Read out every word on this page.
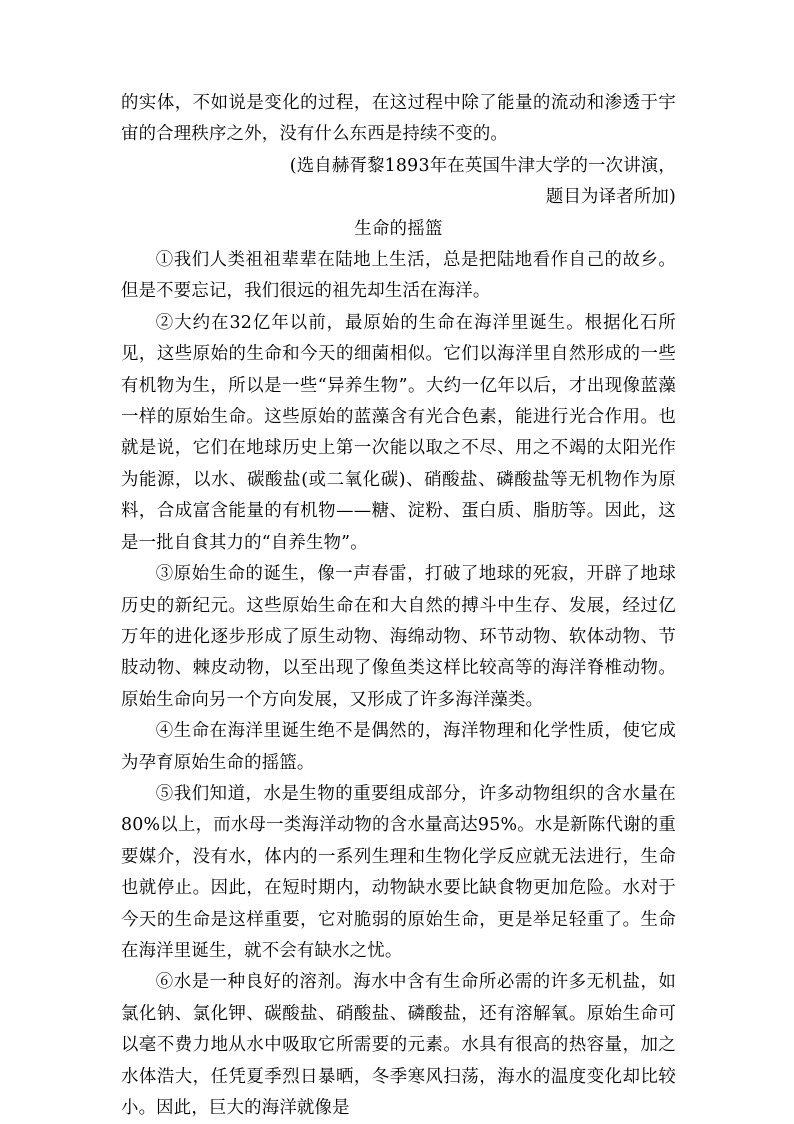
的实体，不如说是变化的过程，在这过程中除了能量的流动和渗透于宇宙的合理秩序之外，没有什么东西是持续不变的。

(选自赫胥黎1893年在英国牛津大学的一次讲演，

题目为译者所加)

生命的摇篮

①我们人类祖祖辈辈在陆地上生活，总是把陆地看作自己的故乡。但是不要忘记，我们很远的祖先却生活在海洋。

②大约在32亿年以前，最原始的生命在海洋里诞生。根据化石所见，这些原始的生命和今天的细菌相似。它们以海洋里自然形成的一些有机物为生，所以是一些“异养生物”。大约一亿年以后，才出现像蓝藻一样的原始生命。这些原始的蓝藻含有光合色素，能进行光合作用。也就是说，它们在地球历史上第一次能以取之不尽、用之不竭的太阳光作为能源，以水、碳酸盐(或二氧化碳)、硝酸盐、磷酸盐等无机物作为原料，合成富含能量的有机物——糖、淀粉、蛋白质、脂肪等。因此，这是一批自食其力的“自养生物”。

③原始生命的诞生，像一声春雷，打破了地球的死寂，开辟了地球历史的新纪元。这些原始生命在和大自然的搏斗中生存、发展，经过亿万年的进化逐步形成了原生动物、海绵动物、环节动物、软体动物、节肢动物、棘皮动物，以至出现了像鱼类这样比较高等的海洋脊椎动物。原始生命向另一个方向发展，又形成了许多海洋藻类。

④生命在海洋里诞生绝不是偶然的，海洋物理和化学性质，使它成为孕育原始生命的摇篮。

⑤我们知道，水是生物的重要组成部分，许多动物组织的含水量在80%以上，而水母一类海洋动物的含水量高达95%。水是新陈代谢的重要媒介，没有水，体内的一系列生理和生物化学反应就无法进行，生命也就停止。因此，在短时期内，动物缺水要比缺食物更加危险。水对于今天的生命是这样重要，它对脆弱的原始生命，更是举足轻重了。生命在海洋里诞生，就不会有缺水之忧。

⑥水是一种良好的溶剂。海水中含有生命所必需的许多无机盐，如氯化钠、氯化钾、碳酸盐、硝酸盐、磷酸盐，还有溶解氧。原始生命可以毫不费力地从水中吸取它所需要的元素。水具有很高的热容量，加之水体浩大，任凭夏季烈日暴晒，冬季寒风扫荡，海水的温度变化却比较小。因此，巨大的海洋就像是
